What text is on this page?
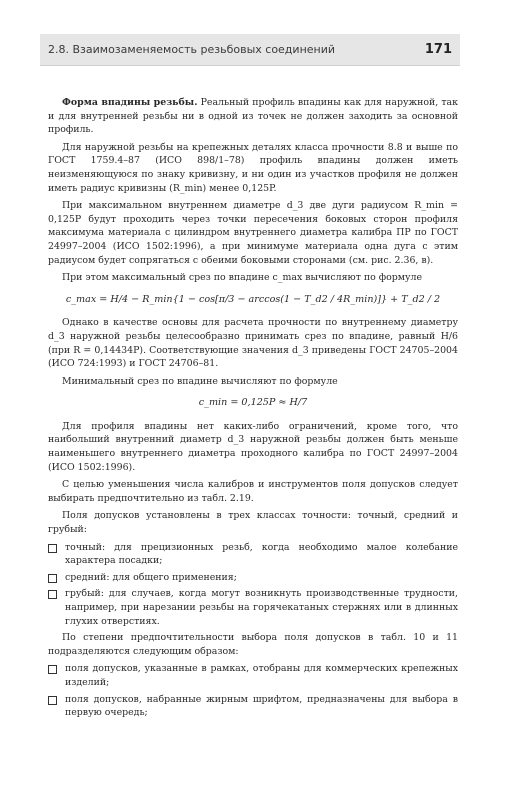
2.8. Взаимозаменяемость резьбовых соединений	171

Форма впадины резьбы. Реальный профиль впадины как для наружной, так и для внутренней резьбы ни в одной из точек не должен заходить за основной профиль.

Для наружной резьбы на крепежных деталях класса прочности 8.8 и выше по ГОСТ 1759.4–87 (ИСО 898/1–78) профиль впадины должен иметь неизменяющуюся по знаку кривизну, и ни один из участков профиля не должен иметь радиус кривизны (R_min) менее 0,125P.

При максимальном внутреннем диаметре d_3 две дуги радиусом R_min = 0,125P будут проходить через точки пересечения боковых сторон профиля максимума материала с цилиндром внутреннего диаметра калибра ПР по ГОСТ 24997–2004 (ИСО 1502:1996), а при минимуме материала одна дуга с этим радиусом будет сопрягаться с обеими боковыми сторонами (см. рис. 2.36, в).

При этом максимальный срез по впадине c_max вычисляют по формуле

c_max = H/4 − R_min{1 − cos[π/3 − arccos(1 − T_d2 / 4R_min)]} + T_d2 / 2

Однако в качестве основы для расчета прочности по внутреннему диаметру d_3 наружной резьбы целесообразно принимать срез по впадине, равный H/6 (при R = 0,14434P). Соответствующие значения d_3 приведены ГОСТ 24705–2004 (ИСО 724:1993) и ГОСТ 24706–81.

Минимальный срез по впадине вычисляют по формуле

c_min = 0,125P ≈ H/7

Для профиля впадины нет каких-либо ограничений, кроме того, что наибольший внутренний диаметр d_3 наружной резьбы должен быть меньше наименьшего внутреннего диаметра проходного калибра по ГОСТ 24997–2004 (ИСО 1502:1996).

С целью уменьшения числа калибров и инструментов поля допусков следует выбирать предпочтительно из табл. 2.19.

Поля допусков установлены в трех классах точности: точный, средний и грубый:

точный: для прецизионных резьб, когда необходимо малое колебание характера посадки;
средний: для общего применения;
грубый: для случаев, когда могут возникнуть производственные трудности, например, при нарезании резьбы на горячекатаных стержнях или в длинных глухих отверстиях.

По степени предпочтительности выбора поля допусков в табл. 10 и 11 подразделяются следующим образом:

поля допусков, указанные в рамках, отобраны для коммерческих крепежных изделий;
поля допусков, набранные жирным шрифтом, предназначены для выбора в первую очередь;
